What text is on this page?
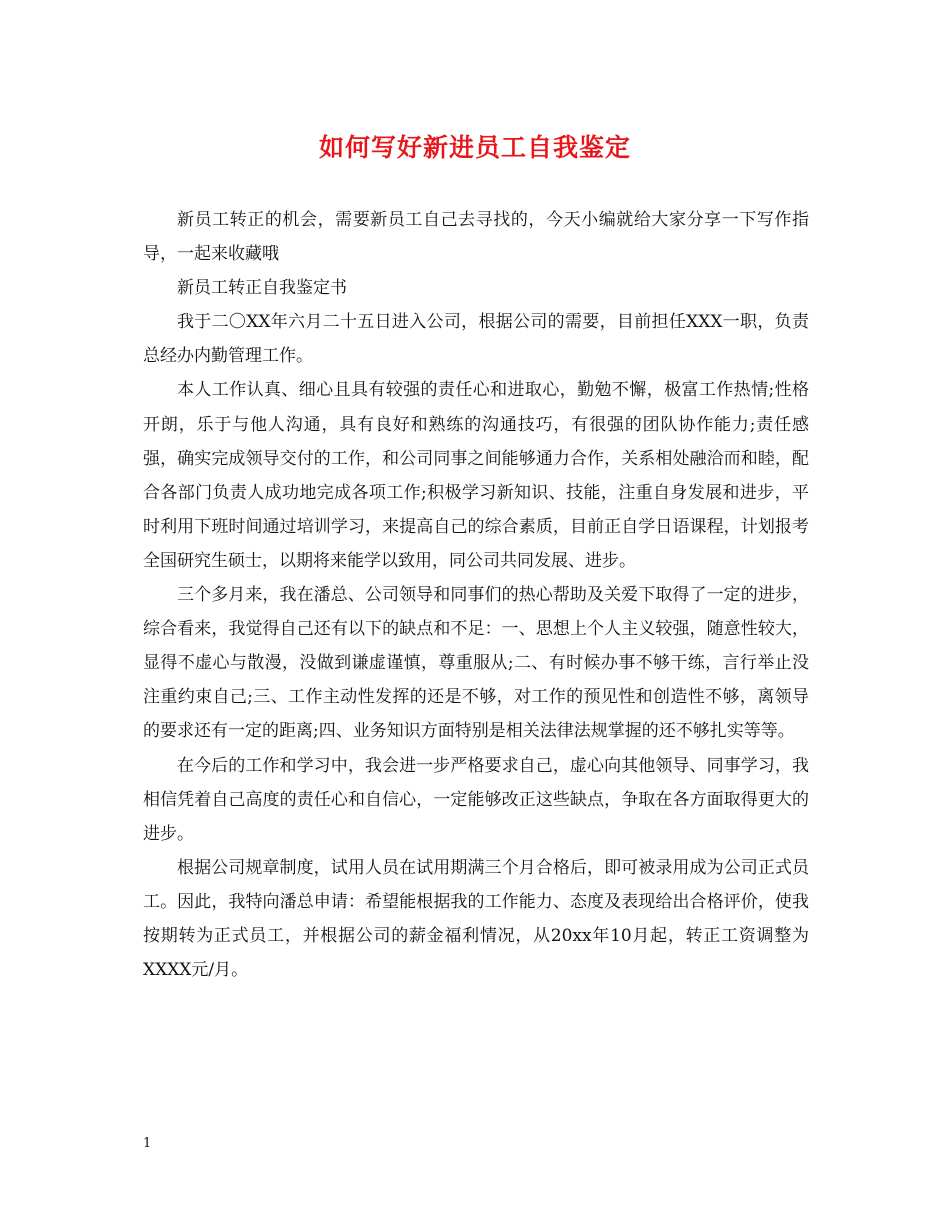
如何写好新进员工自我鉴定

新员工转正的机会，需要新员工自己去寻找的，今天小编就给大家分享一下写作指导，一起来收藏哦

新员工转正自我鉴定书

我于二〇XX年六月二十五日进入公司，根据公司的需要，目前担任XXX一职，负责总经办内勤管理工作。

本人工作认真、细心且具有较强的责任心和进取心，勤勉不懈，极富工作热情;性格开朗，乐于与他人沟通，具有良好和熟练的沟通技巧，有很强的团队协作能力;责任感强，确实完成领导交付的工作，和公司同事之间能够通力合作，关系相处融洽而和睦，配合各部门负责人成功地完成各项工作;积极学习新知识、技能，注重自身发展和进步，平时利用下班时间通过培训学习，来提高自己的综合素质，目前正自学日语课程，计划报考全国研究生硕士，以期将来能学以致用，同公司共同发展、进步。

三个多月来，我在潘总、公司领导和同事们的热心帮助及关爱下取得了一定的进步，综合看来，我觉得自己还有以下的缺点和不足：一、思想上个人主义较强，随意性较大，显得不虚心与散漫，没做到谦虚谨慎，尊重服从;二、有时候办事不够干练，言行举止没注重约束自己;三、工作主动性发挥的还是不够，对工作的预见性和创造性不够，离领导的要求还有一定的距离;四、业务知识方面特别是相关法律法规掌握的还不够扎实等等。

在今后的工作和学习中，我会进一步严格要求自己，虚心向其他领导、同事学习，我相信凭着自己高度的责任心和自信心，一定能够改正这些缺点，争取在各方面取得更大的进步。

根据公司规章制度，试用人员在试用期满三个月合格后，即可被录用成为公司正式员工。因此，我特向潘总申请：希望能根据我的工作能力、态度及表现给出合格评价，使我按期转为正式员工，并根据公司的薪金福利情况，从20xx年10月起，转正工资调整为XXXX元/月。

1
